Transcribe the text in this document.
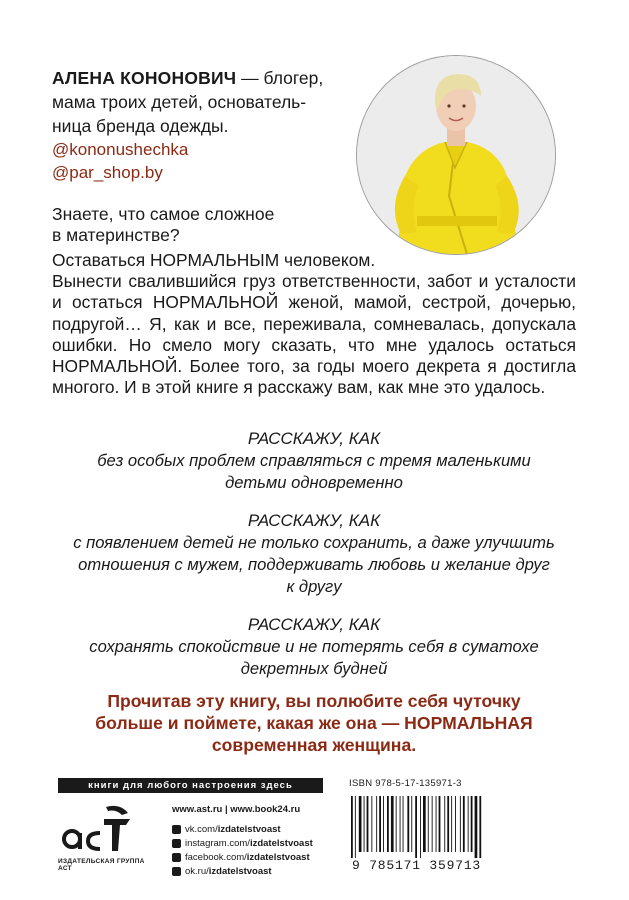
АЛЕНА КОНОНОВИЧ — блогер,
мама троих детей, основатель-
ница бренда одежды.
@kononushechka
@par_shop.by
Знаете, что самое сложное
в материнстве?

Оставаться НОРМАЛЬНЫМ человеком.

Вынести свалившийся груз ответственности, забот и усталости и остаться НОРМАЛЬНОЙ женой, мамой, сестрой, дочерью, подругой… Я, как и все, переживала, сомневалась, допускала ошибки. Но смело могу сказать, что мне удалось остаться НОРМАЛЬНОЙ. Более того, за годы моего декрета я достигла многого. И в этой книге я расскажу вам, как мне это удалось.

РАССКАЖУ, КАК
без особых проблем справляться с тремя маленькими
детьми одновременно
РАССКАЖУ, КАК
с появлением детей не только сохранить, а даже улучшить
отношения с мужем, поддерживать любовь и желание друг
к другу
РАССКАЖУ, КАК
сохранять спокойствие и не потерять себя в суматохе
декретных будней
Прочитав эту книгу, вы полюбите себя чуточку
больше и поймете, какая же она — НОРМАЛЬНАЯ
современная женщина.
книги для любого настроения здесь
ИЗДАТЕЛЬСКАЯ ГРУППА АСТ
www.ast.ru | www.book24.ru
vk.com/ izdatelstvoast
instagram.com/ izdatelstvoast
facebook.com/ izdatelstvoast
ok.ru/ izdatelstvoast
ISBN 978-5-17-135971-3
9 785171 359713
